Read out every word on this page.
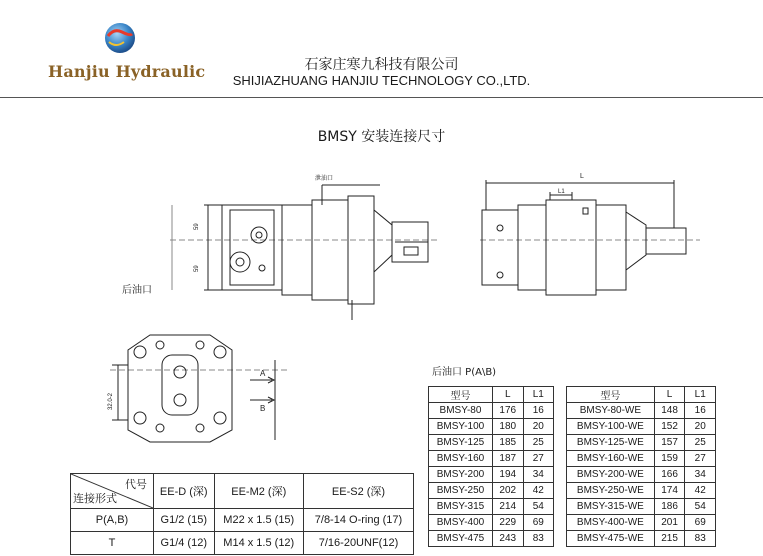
Hanjiu Hydraulic	石家庄寒九科技有限公司
SHIJIAZHUANG HANJIU TECHNOLOGY CO.,LTD.
BMSY 安装连接尺寸
泄油口
59
59
L
L1
32.0-2
A
B
后油口
后油口 P(A\B)
代号
连接形式	EE-D (深)	EE-M2 (深)	EE-S2 (深)
P(A,B)	G1/2 (15)	M22 x 1.5 (15)	7/8-14 O-ring (17)
T	G1/4 (12)	M14 x 1.5 (12)	7/16-20UNF(12)
型号	L	L1
BMSY-80	176	16
BMSY-100	180	20
BMSY-125	185	25
BMSY-160	187	27
BMSY-200	194	34
BMSY-250	202	42
BMSY-315	214	54
BMSY-400	229	69
BMSY-475	243	83
型号	L	L1
BMSY-80-WE	148	16
BMSY-100-WE	152	20
BMSY-125-WE	157	25
BMSY-160-WE	159	27
BMSY-200-WE	166	34
BMSY-250-WE	174	42
BMSY-315-WE	186	54
BMSY-400-WE	201	69
BMSY-475-WE	215	83
